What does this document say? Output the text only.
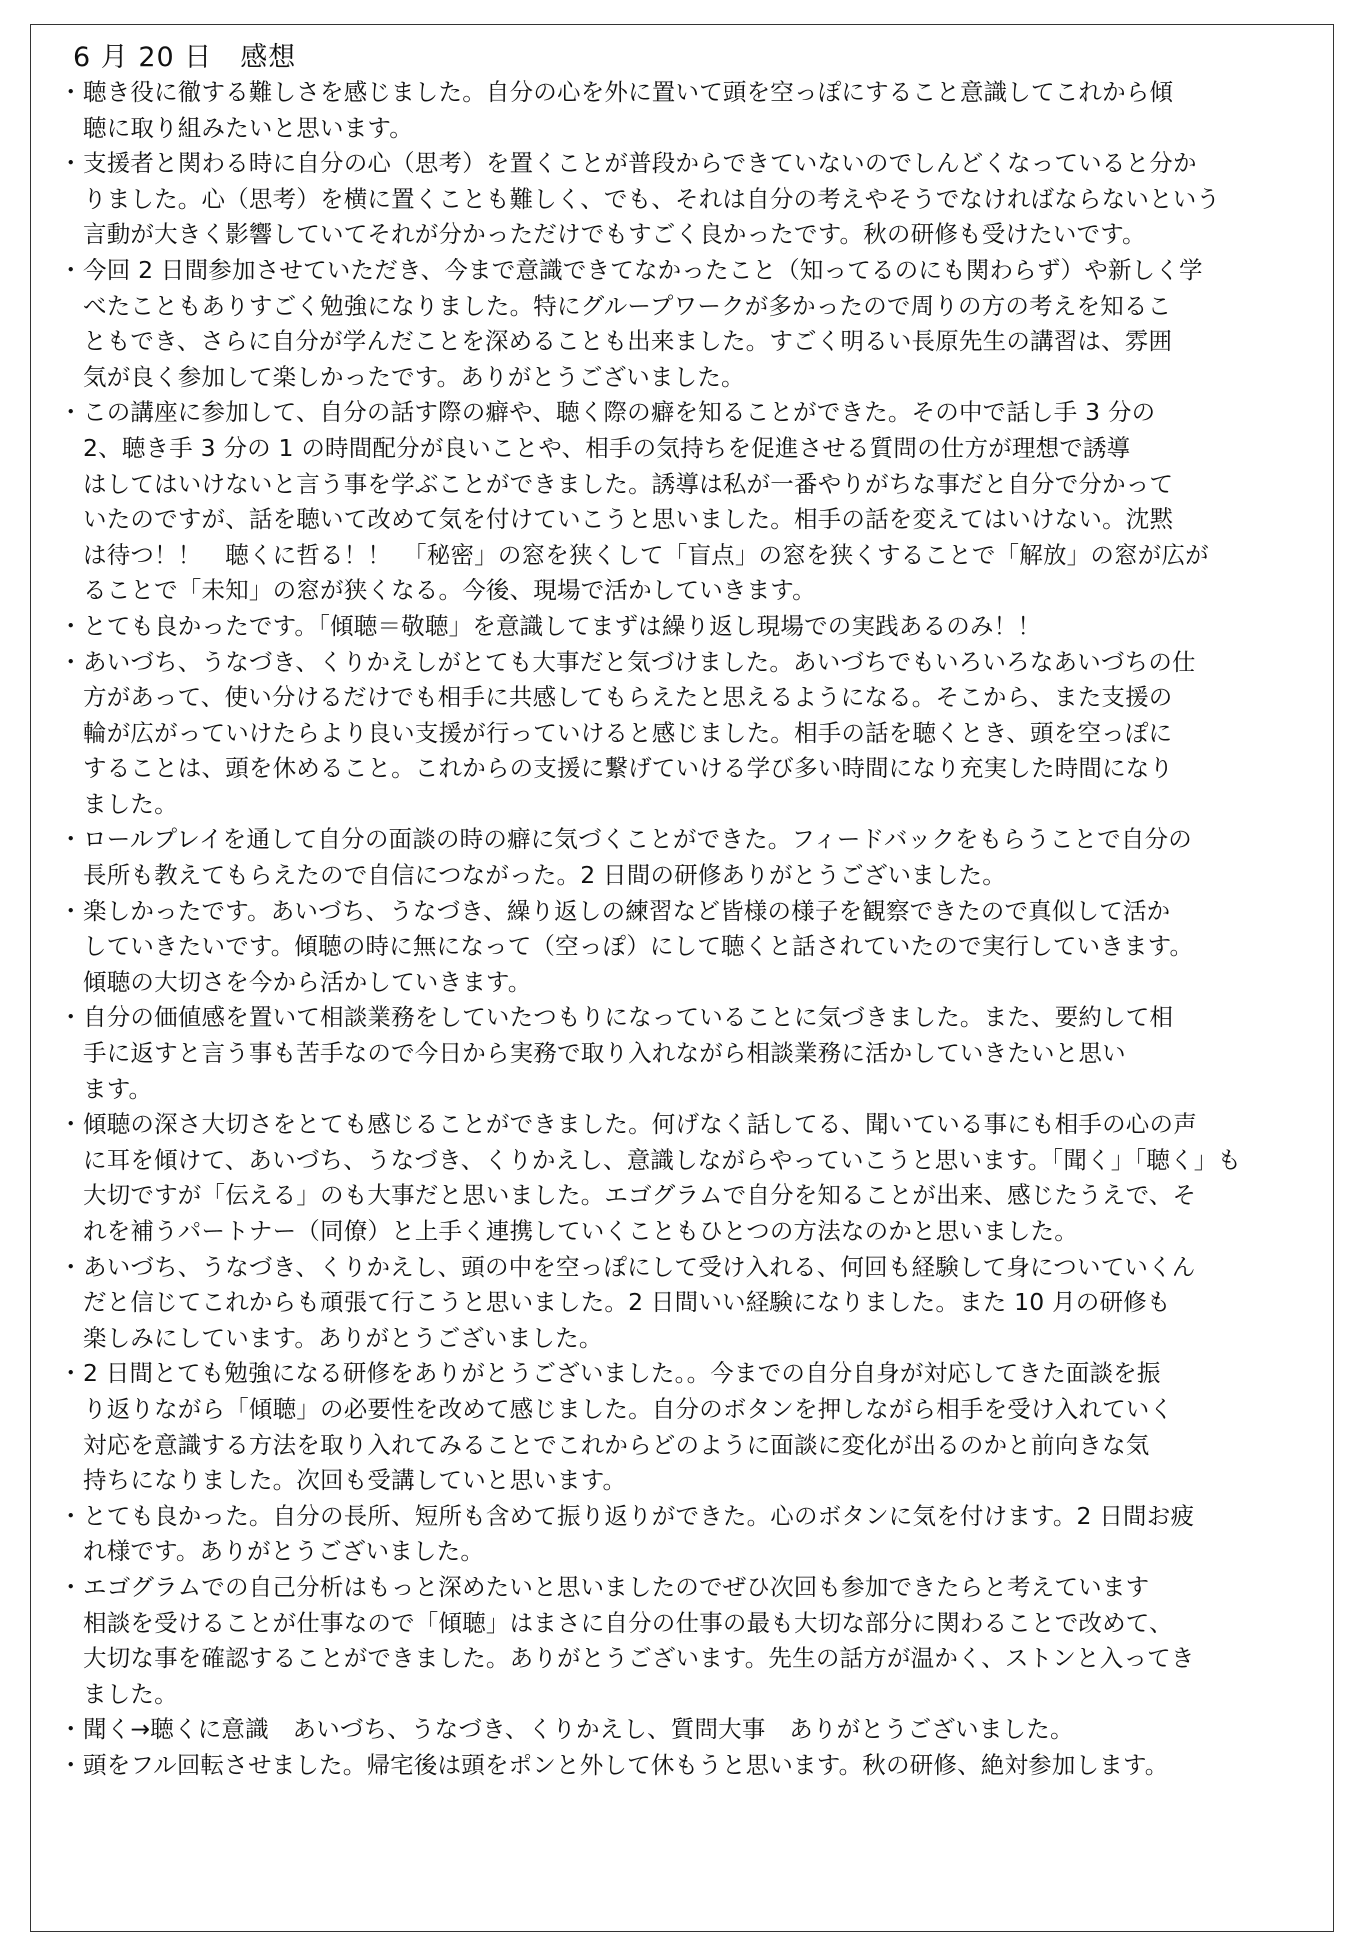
6 月 20 日　感想
・ 聴き役に徹する難しさを感じました。自分の心を外に置いて頭を空っぽにすること意識してこれから傾
聴に取り組みたいと思います。
・ 支援者と関わる時に自分の心（思考）を置くことが普段からできていないのでしんどくなっていると分か
りました。心（思考）を横に置くことも難しく、でも、それは自分の考えやそうでなければならないという
言動が大きく影響していてそれが分かっただけでもすごく良かったです。秋の研修も受けたいです。
・ 今回 2 日間参加させていただき、今まで意識できてなかったこと（知ってるのにも関わらず）や新しく学
べたこともありすごく勉強になりました。特にグループワークが多かったので周りの方の考えを知るこ
ともでき、さらに自分が学んだことを深めることも出来ました。すごく明るい長原先生の講習は、雰囲
気が良く参加して楽しかったです。ありがとうございました。
・ この講座に参加して、自分の話す際の癖や、聴く際の癖を知ることができた。その中で話し手 3 分の
2、聴き手 3 分の 1 の時間配分が良いことや、相手の気持ちを促進させる質問の仕方が理想で誘導
はしてはいけないと言う事を学ぶことができました。誘導は私が一番やりがちな事だと自分で分かって
いたのですが、話を聴いて改めて気を付けていこうと思いました。相手の話を変えてはいけない。沈黙
は待つ！！　聴くに哲る！！　「秘密」の窓を狭くして「盲点」の窓を狭くすることで「解放」の窓が広が
ることで「未知」の窓が狭くなる。今後、現場で活かしていきます。
・ とても良かったです。「傾聴＝敬聴」を意識してまずは繰り返し現場での実践あるのみ！！
・ あいづち、うなづき、くりかえしがとても大事だと気づけました。あいづちでもいろいろなあいづちの仕
方があって、使い分けるだけでも相手に共感してもらえたと思えるようになる。そこから、また支援の
輪が広がっていけたらより良い支援が行っていけると感じました。相手の話を聴くとき、頭を空っぽに
することは、頭を休めること。これからの支援に繋げていける学び多い時間になり充実した時間になり
ました。
・ ロールプレイを通して自分の面談の時の癖に気づくことができた。フィードバックをもらうことで自分の
長所も教えてもらえたので自信につながった。2 日間の研修ありがとうございました。
・ 楽しかったです。あいづち、うなづき、繰り返しの練習など皆様の様子を観察できたので真似して活か
していきたいです。傾聴の時に無になって（空っぽ）にして聴くと話されていたので実行していきます。
傾聴の大切さを今から活かしていきます。
・ 自分の価値感を置いて相談業務をしていたつもりになっていることに気づきました。また、要約して相
手に返すと言う事も苦手なので今日から実務で取り入れながら相談業務に活かしていきたいと思い
ます。
・ 傾聴の深さ大切さをとても感じることができました。何げなく話してる、聞いている事にも相手の心の声
に耳を傾けて、あいづち、うなづき、くりかえし、意識しながらやっていこうと思います。「聞く」「聴く」も
大切ですが「伝える」のも大事だと思いました。エゴグラムで自分を知ることが出来、感じたうえで、そ
れを補うパートナー（同僚）と上手く連携していくこともひとつの方法なのかと思いました。
・ あいづち、うなづき、くりかえし、頭の中を空っぽにして受け入れる、何回も経験して身についていくん
だと信じてこれからも頑張て行こうと思いました。2 日間いい経験になりました。また 10 月の研修も
楽しみにしています。ありがとうございました。
・ 2 日間とても勉強になる研修をありがとうございました。。今までの自分自身が対応してきた面談を振
り返りながら「傾聴」の必要性を改めて感じました。自分のボタンを押しながら相手を受け入れていく
対応を意識する方法を取り入れてみることでこれからどのように面談に変化が出るのかと前向きな気
持ちになりました。次回も受講していと思います。
・ とても良かった。自分の長所、短所も含めて振り返りができた。心のボタンに気を付けます。2 日間お疲
れ様です。ありがとうございました。
・ エゴグラムでの自己分析はもっと深めたいと思いましたのでぜひ次回も参加できたらと考えています
相談を受けることが仕事なので「傾聴」はまさに自分の仕事の最も大切な部分に関わることで改めて、
大切な事を確認することができました。ありがとうございます。先生の話方が温かく、ストンと入ってき
ました。
・ 聞く→聴くに意識　あいづち、うなづき、くりかえし、質問大事　ありがとうございました。
・ 頭をフル回転させました。帰宅後は頭をポンと外して休もうと思います。秋の研修、絶対参加します。
